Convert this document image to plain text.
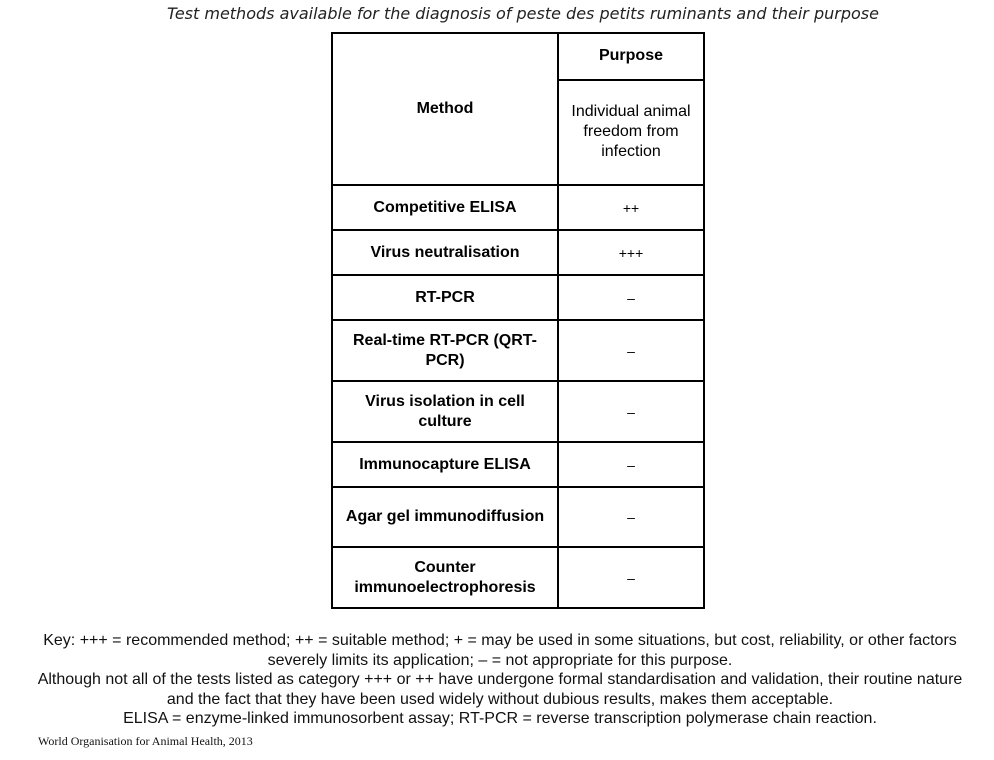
Test methods available for the diagnosis of peste des petits ruminants and their purpose
Method	Purpose
	Individual animal freedom from infection
Competitive ELISA	++
Virus neutralisation	+++
RT-PCR	–
Real-time RT-PCR (QRT-PCR)	–
Virus isolation in cell culture	–
Immunocapture ELISA	–
Agar gel immunodiffusion	–
Counter immunoelectrophoresis	–

Key: +++ = recommended method; ++ = suitable method; + = may be used in some situations, but cost, reliability, or other factors severely limits its application; – = not appropriate for this purpose.

Although not all of the tests listed as category +++ or ++ have undergone formal standardisation and validation, their routine nature and the fact that they have been used widely without dubious results, makes them acceptable.

ELISA = enzyme-linked immunosorbent assay; RT-PCR = reverse transcription polymerase chain reaction.

World Organisation for Animal Health, 2013
